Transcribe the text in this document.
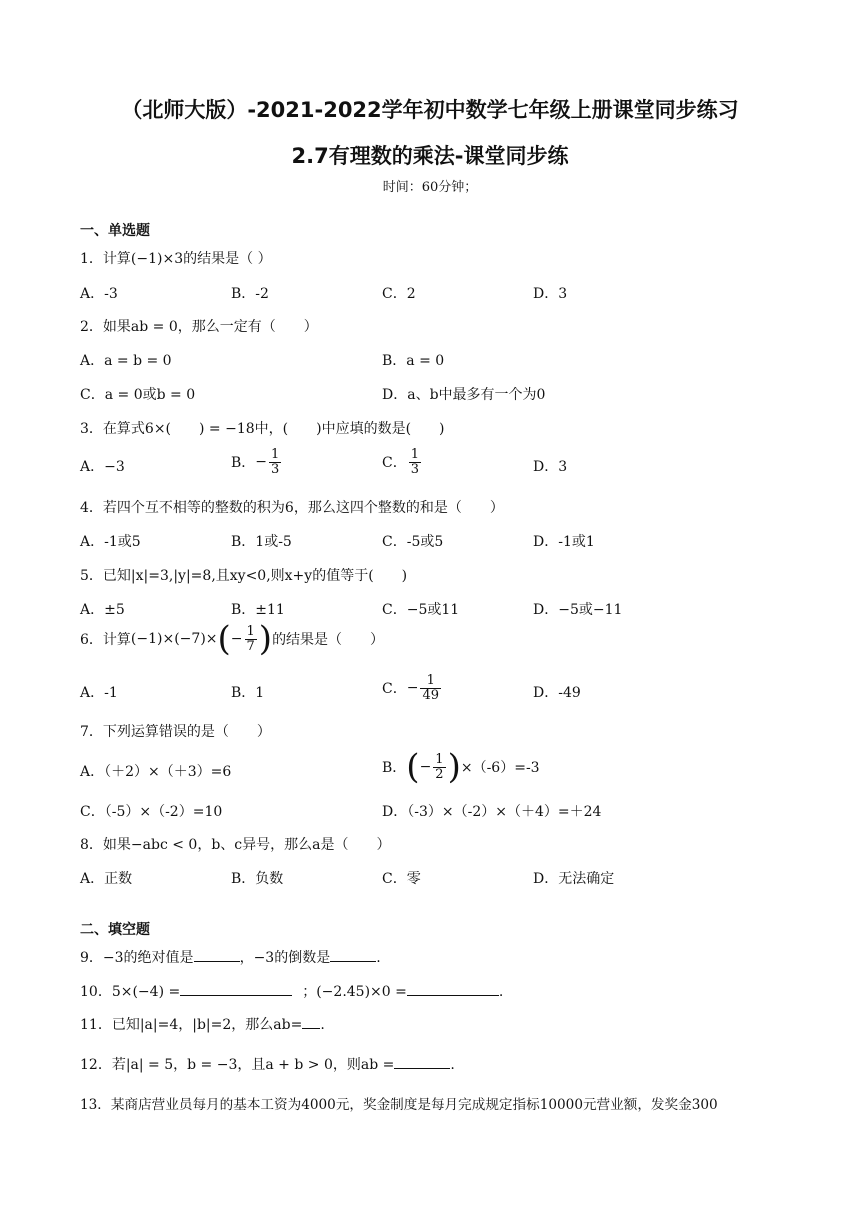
（北师大版）-2021-2022学年初中数学七年级上册课堂同步练习
2.7有理数的乘法-课堂同步练
时间：60分钟；
一、单选题
1．计算(−1)×3的结果是（ ）
A．-3	B．-2	C．2	D．3
2．如果ab = 0，那么一定有（　　）
A．a = b = 0	B．a = 0
C．a = 0或b = 0	D．a、b中最多有一个为0
3．在算式6×(　　) = −18中，(　　)中应填的数是(　　)
A．−3	B．− $\frac{1}{3}$	C． $\frac{1}{3}$	D．3
4．若四个互不相等的整数的积为6，那么这四个整数的和是（　　）
A．-1或5	B．1或-5	C．-5或5	D．-1或1
5．已知|x|=3,|y|=8,且xy<0,则x+y的值等于(　　)
A．±5	B．±11	C．−5或11	D．−5或−11
6．计算$(-1)\times(-7)\times(- \frac{1}{7}$ )的结果是（　　）
A．-1	B．1	C．− $\frac{1}{49}$	D．-49
7．下列运算错误的是（　　）
A．（＋2）×（＋3）=6	B．(− $\frac{1}{2} )\times(-6)=-3$
C．（-5）×（-2）=10	D．（-3）×（-2）×（＋4）=＋24
8．如果−abc < 0，b、c异号，那么a是（　　）
A．正数	B．负数	C．零	D．无法确定
二、填空题
9．−3的绝对值是	，−3的倒数是	.
10．5×(−4) =	；(−2.45)×0 =	.
11．已知|a|=4，|b|=2，那么ab= .
12．若|a| = 5，b = −3，且a + b > 0，则ab =	.
13．某商店营业员每月的基本工资为4000元，奖金制度是每月完成规定指标10000元营业额，发奖金300
